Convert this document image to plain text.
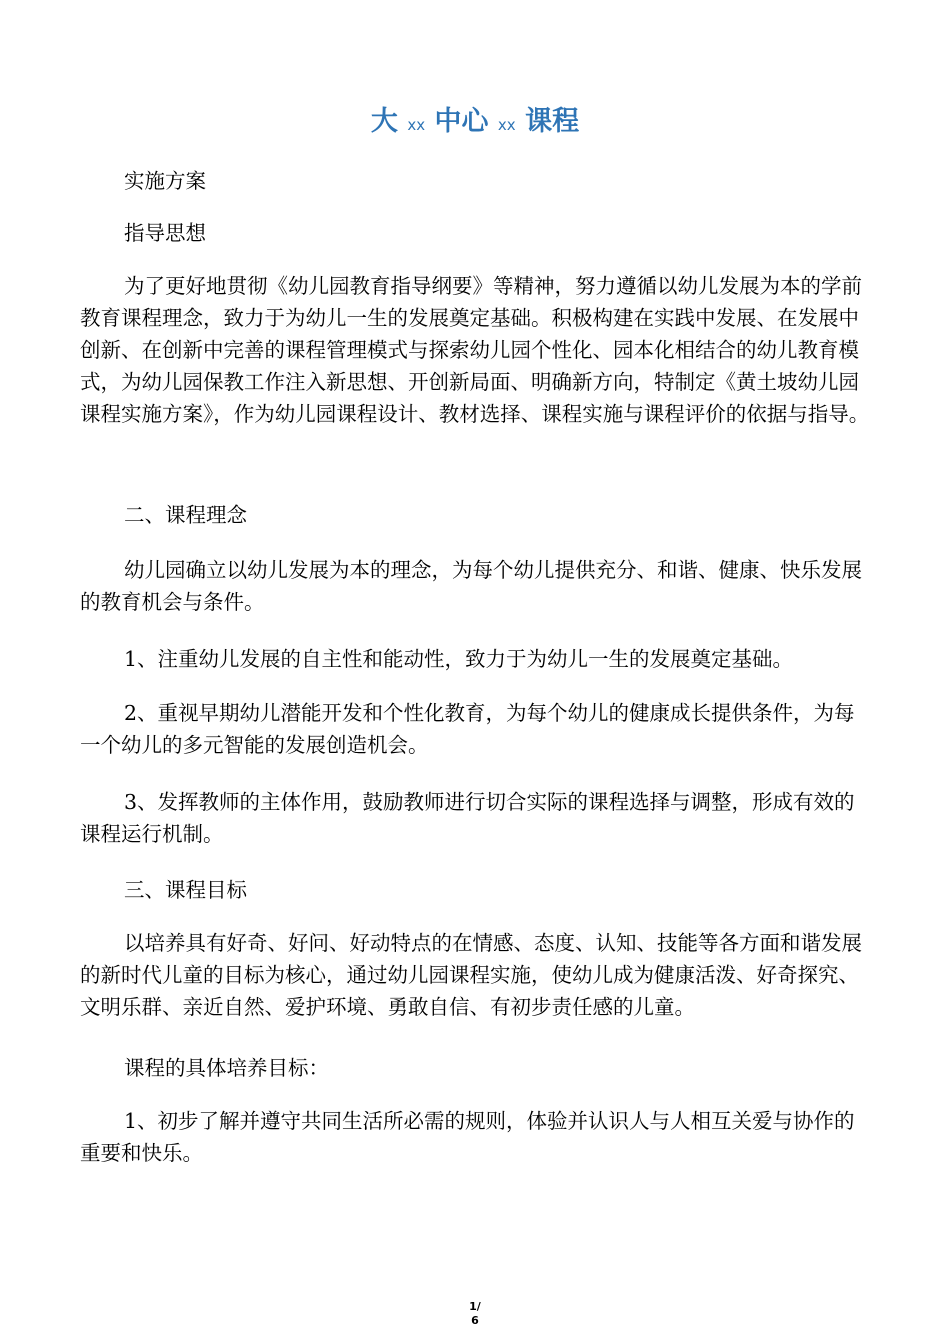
大 xx 中心 xx 课程

实施方案

指导思想

为了更好地贯彻《幼儿园教育指导纲要》等精神，努力遵循以幼儿发展为本的学前教育课程理念，致力于为幼儿一生的发展奠定基础。积极构建在实践中发展、在发展中创新、在创新中完善的课程管理模式与探索幼儿园个性化、园本化相结合的幼儿教育模式，为幼儿园保教工作注入新思想、开创新局面、明确新方向，特制定《黄土坡幼儿园课程实施方案》，作为幼儿园课程设计、教材选择、课程实施与课程评价的依据与指导。

二、课程理念

幼儿园确立以幼儿发展为本的理念，为每个幼儿提供充分、和谐、健康、快乐发展的教育机会与条件。

1、注重幼儿发展的自主性和能动性，致力于为幼儿一生的发展奠定基础。

2、重视早期幼儿潜能开发和个性化教育，为每个幼儿的健康成长提供条件，为每一个幼儿的多元智能的发展创造机会。

3、发挥教师的主体作用，鼓励教师进行切合实际的课程选择与调整，形成有效的课程运行机制。

三、课程目标

以培养具有好奇、好问、好动特点的在情感、态度、认知、技能等各方面和谐发展的新时代儿童的目标为核心，通过幼儿园课程实施，使幼儿成为健康活泼、好奇探究、文明乐群、亲近自然、爱护环境、勇敢自信、有初步责任感的儿童。

课程的具体培养目标：

1、初步了解并遵守共同生活所必需的规则，体验并认识人与人相互关爱与协作的重要和快乐。

1/
6
